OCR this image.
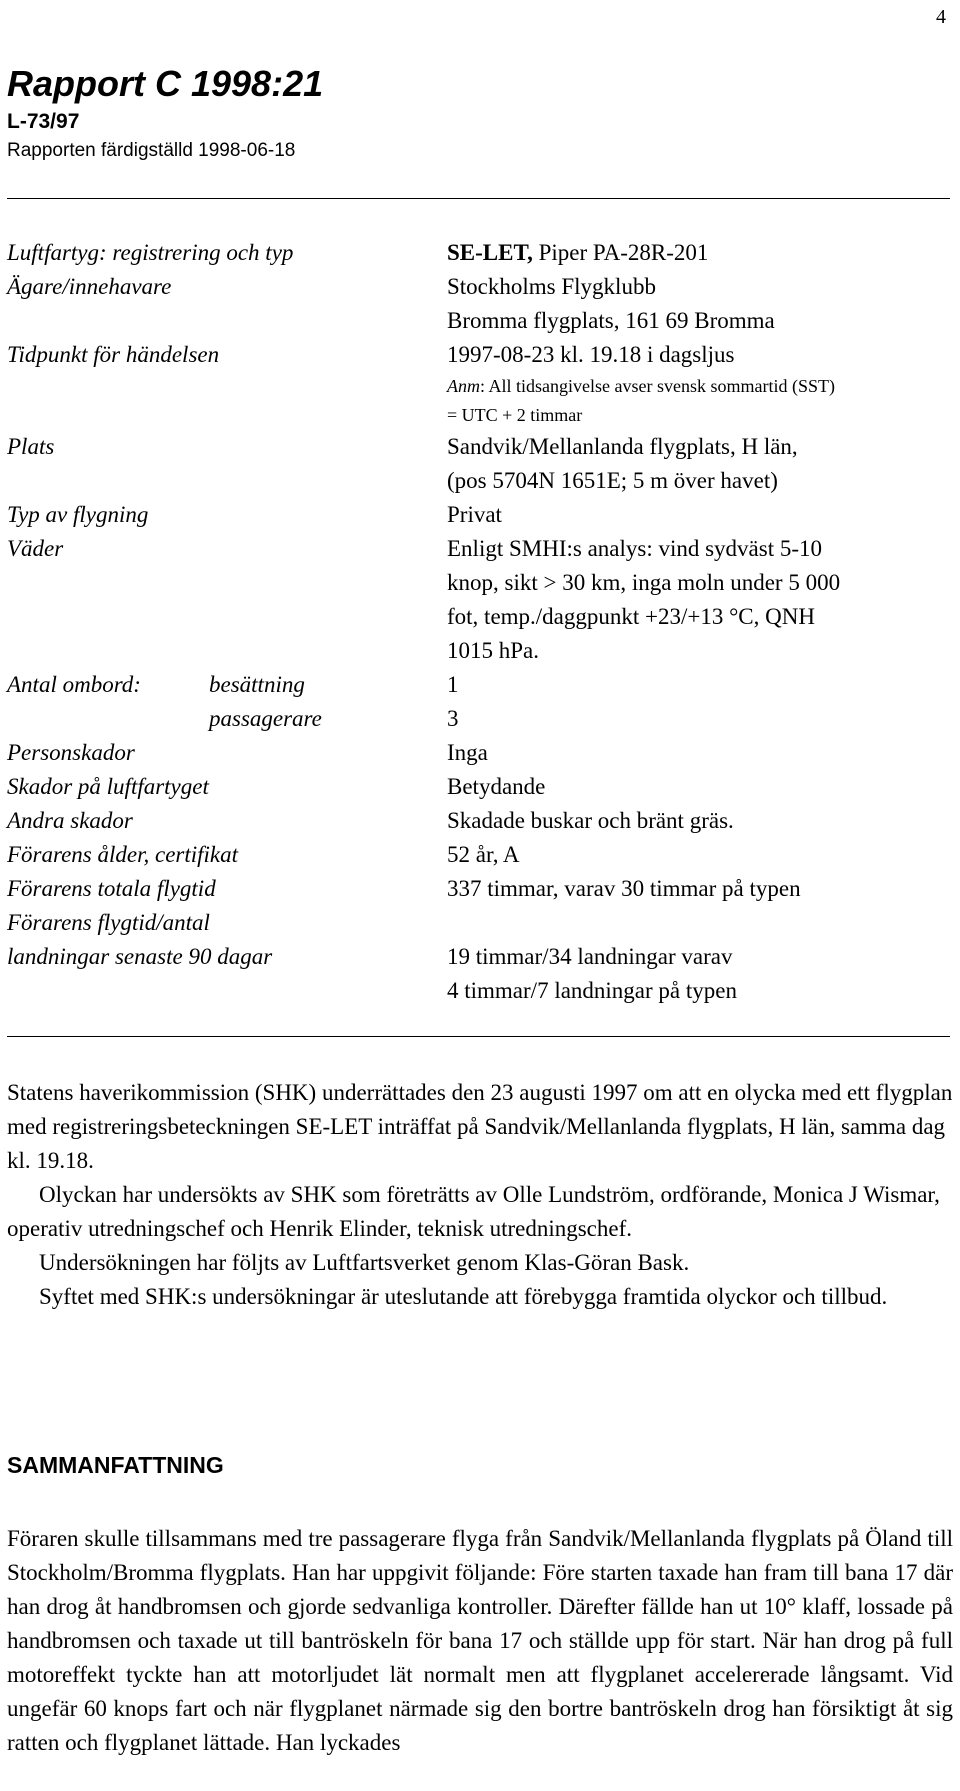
4
Rapport C 1998:21
L-73/97
Rapporten färdigställd 1998-06-18
Luftfartyg: registrering och typ	SE-LET, Piper PA-28R-201
Ägare/innehavare	Stockholms Flygklubb
Bromma flygplats, 161 69 Bromma
Tidpunkt för händelsen	1997-08-23 kl. 19.18 i dagsljus
Anm: All tidsangivelse avser svensk sommartid (SST)
= UTC + 2 timmar
Plats	Sandvik/Mellanlanda flygplats, H län,
(pos 5704N 1651E; 5 m över havet)
Typ av flygning	Privat
Väder	Enligt SMHI:s analys: vind sydväst 5-10
knop, sikt > 30 km, inga moln under 5 000
fot, temp./daggpunkt +23/+13 °C, QNH
1015 hPa.
Antal ombord:	besättning	1
passagerare	3
Personskador	Inga
Skador på luftfartyget	Betydande
Andra skador	Skadade buskar och bränt gräs.
Förarens ålder, certifikat	52 år, A
Förarens totala flygtid	337 timmar, varav 30 timmar på typen
Förarens flygtid/antal

landningar senaste 90 dagar	19 timmar/34 landningar varav
4 timmar/7 landningar på typen

Statens haverikommission (SHK) underrättades den 23 augusti 1997 om att en olycka med ett flygplan med registreringsbeteckningen SE-LET inträffat på Sandvik/Mellanlanda flygplats, H län, samma dag kl. 19.18.

Olyckan har undersökts av SHK som företrätts av Olle Lundström, ordförande, Monica J Wismar, operativ utredningschef och Henrik Elinder, teknisk utredningschef.

Undersökningen har följts av Luftfartsverket genom Klas-Göran Bask.

Syftet med SHK:s undersökningar är uteslutande att förebygga framtida olyckor och tillbud.

SAMMANFATTNING

Föraren skulle tillsammans med tre passagerare flyga från Sandvik/Mellanlanda flygplats på Öland till Stockholm/Bromma flygplats. Han har uppgivit följande: Före starten taxade han fram till bana 17 där han drog åt handbromsen och gjorde sedvanliga kontroller. Därefter fällde han ut 10° klaff, lossade på handbromsen och taxade ut till bantröskeln för bana 17 och ställde upp för start. När han drog på full motoreffekt tyckte han att motorljudet lät normalt men att flygplanet accelererade långsamt. Vid ungefär 60 knops fart och när flygplanet närmade sig den bortre bantröskeln drog han försiktigt åt sig ratten och flygplanet lättade. Han lyckades
